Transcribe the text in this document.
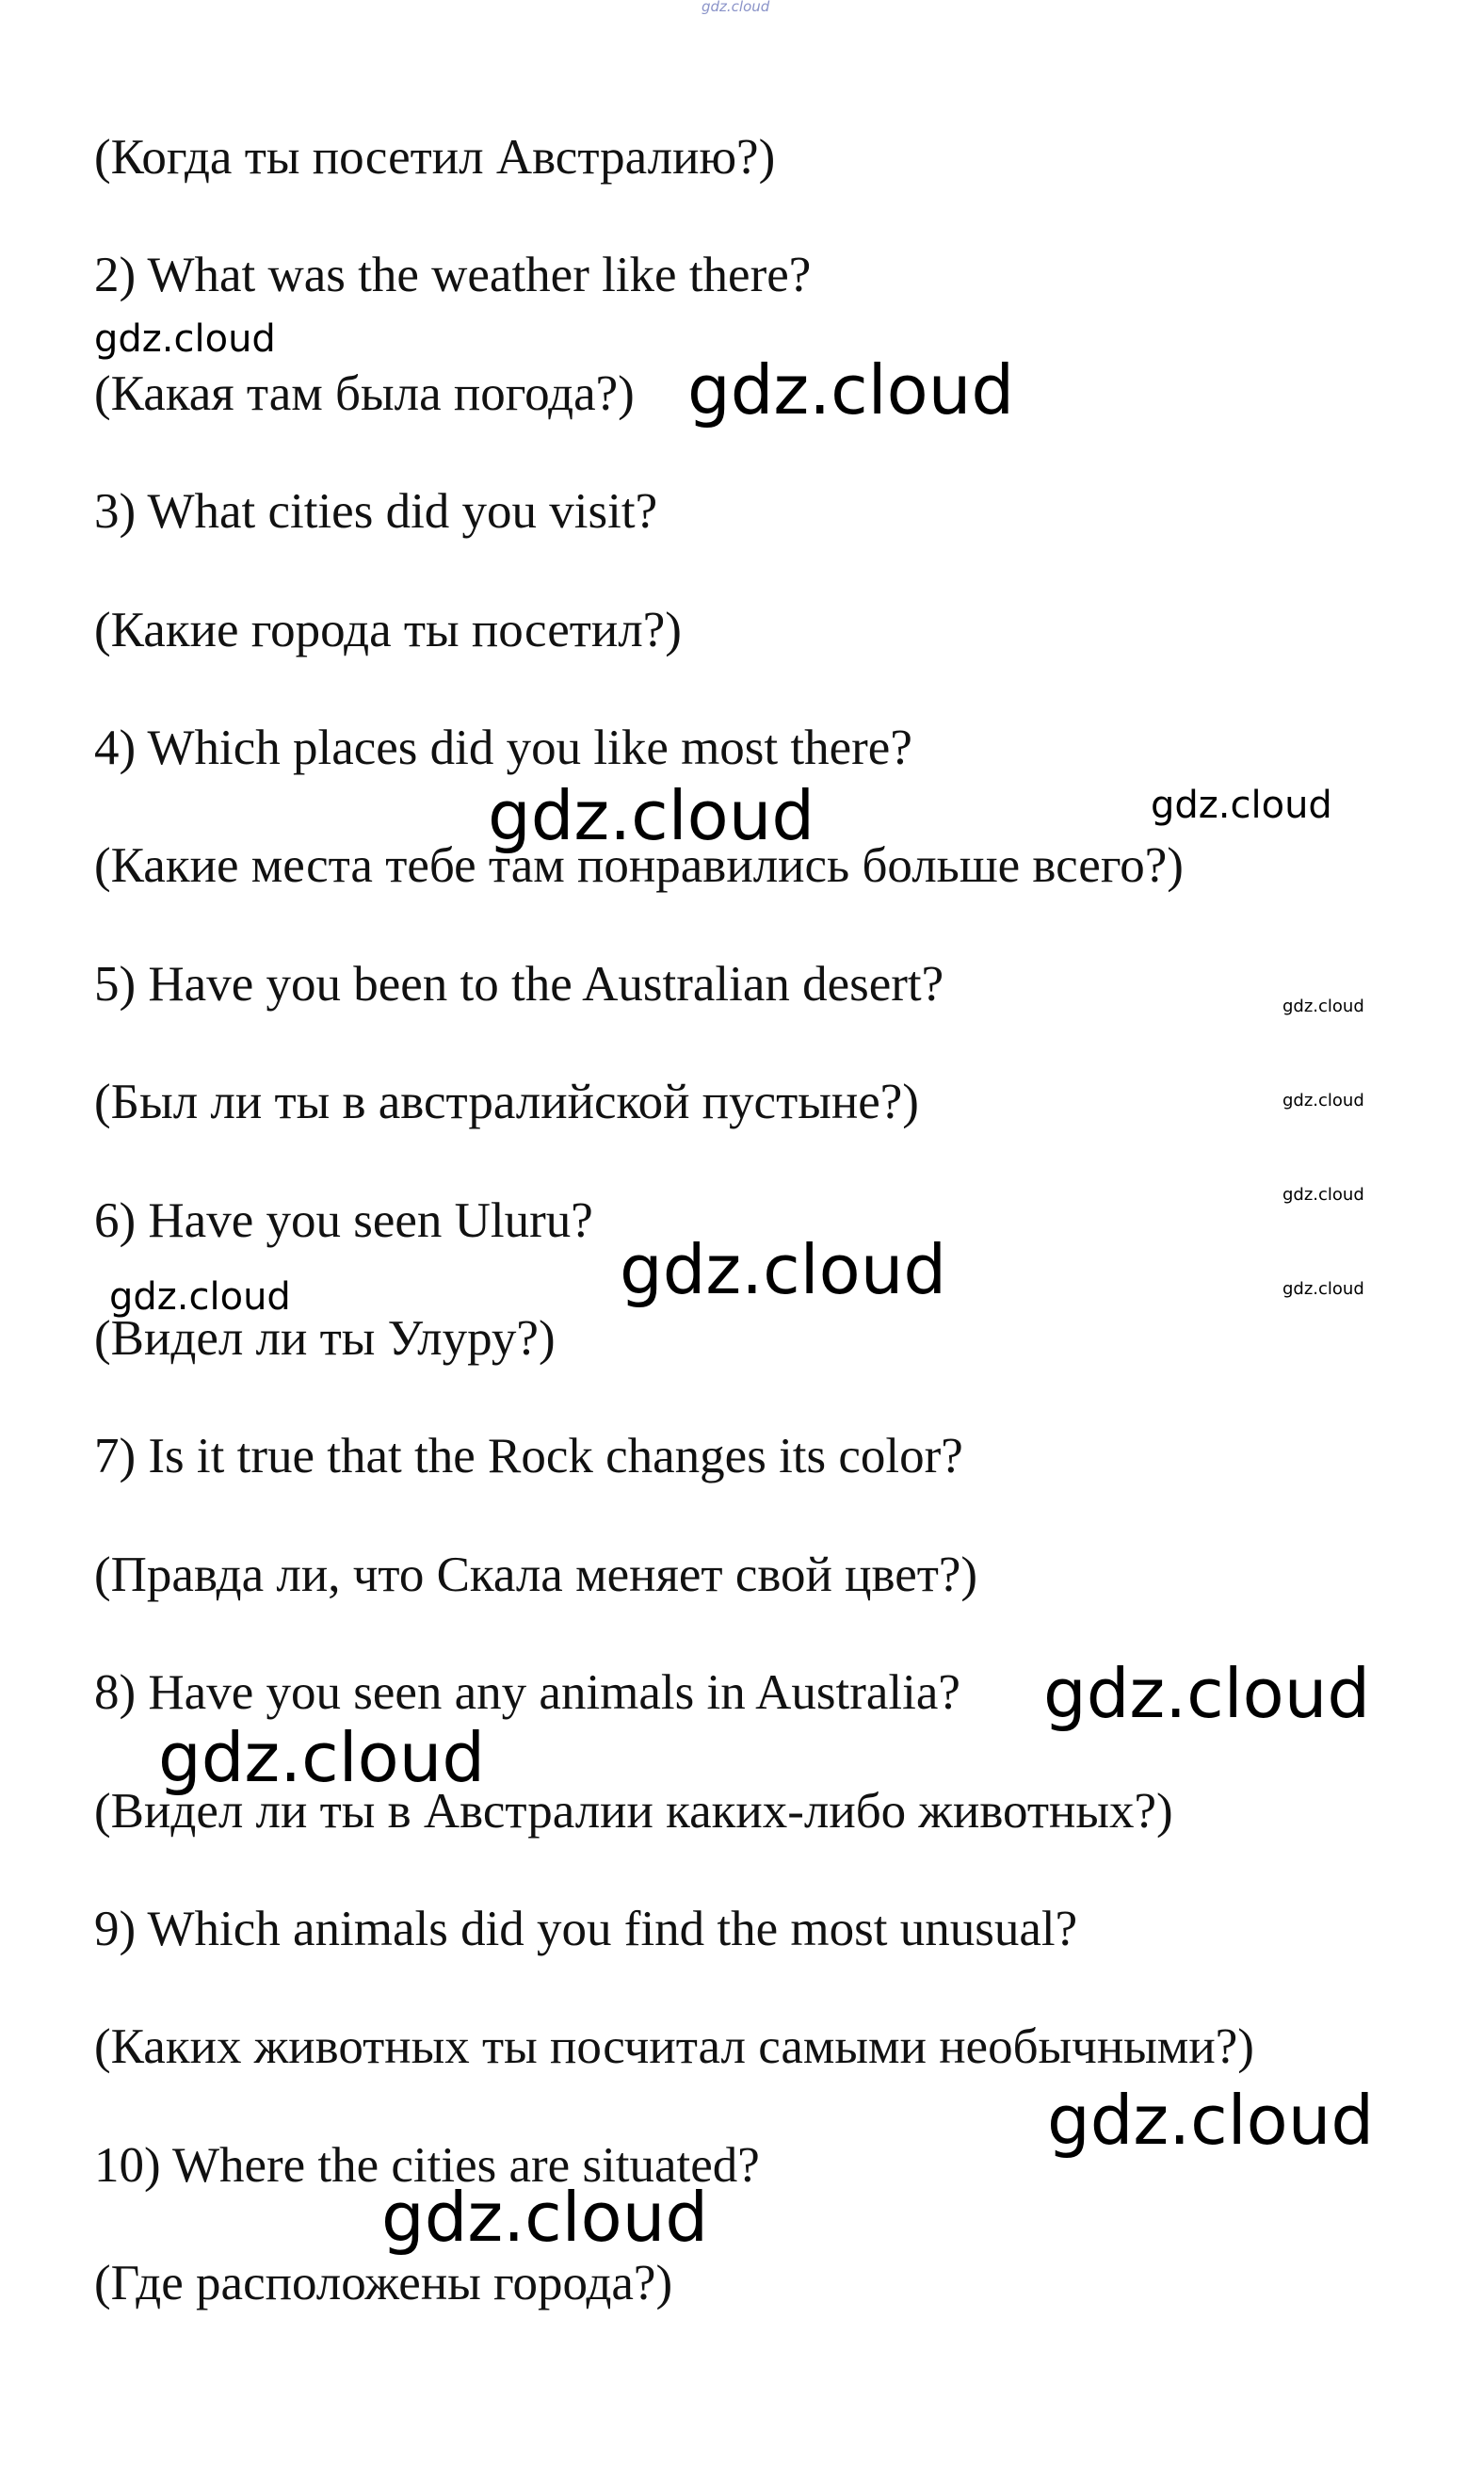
gdz.cloud

(Когда ты посетил Австралию?)

2) What was the weather like there?

(Какая там была погода?)

3) What cities did you visit?

(Какие города ты посетил?)

4) Which places did you like most there?

(Какие места тебе там понравились больше всего?)

5) Have you been to the Australian desert?

(Был ли ты в австралийской пустыне?)

6) Have you seen Uluru?

(Видел ли ты Улуру?)

7) Is it true that the Rock changes its color?

(Правда ли, что Скала меняет свой цвет?)

8) Have you seen any animals in Australia?

(Видел ли ты в Австралии каких-либо животных?)

9) Which animals did you find the most unusual?

(Каких животных ты посчитал самыми необычными?)

10) Where the cities are situated?

(Где расположены города?)

gdz.cloud
gdz.cloud
gdz.cloud	gdz.cloud
gdz.cloud
gdz.cloud
gdz.cloud
gdz.cloud	gdz.cloud
gdz.cloud
gdz.cloud
gdz.cloud
gdz.cloud
gdz.cloud
